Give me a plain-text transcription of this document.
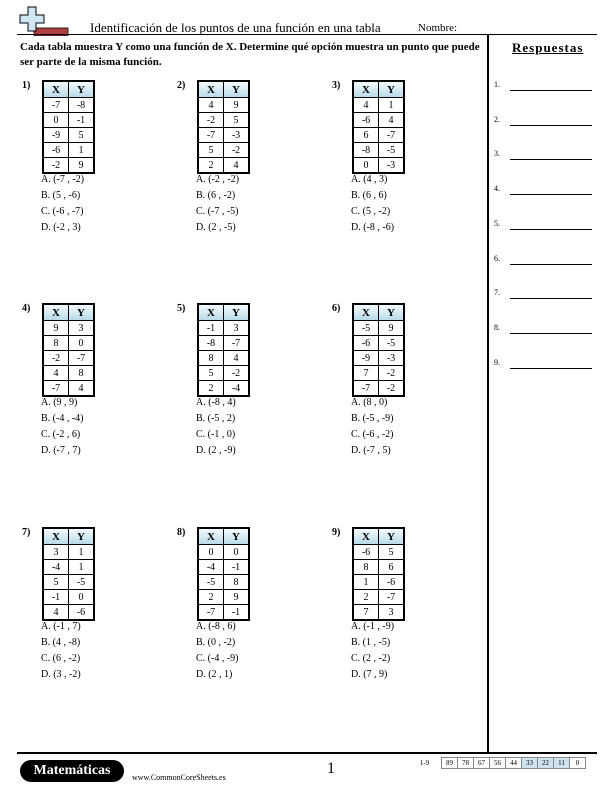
Identificación de los puntos de una función en una tabla	Nombre:
Cada tabla muestra Y como una función de X. Determine qué opción muestra un punto que puede ser parte de la misma función.
Respuestas
1.
2.
3.
4.
5.
6.
7.
8.
9.
1) X	Y
-7	-8
0	-1
-9	5
-6	1
-2	9
A. (-7 , -2)
B. (5 , -6)
C. (-6 , -7)
D. (-2 , 3)
2) X	Y
4	9
-2	5
-7	-3
5	-2
2	4
A. (-2 , -2)
B. (6 , -2)
C. (-7 , -5)
D. (2 , -5)
3) X	Y
4	1
-6	4
6	-7
-8	-5
0	-3
A. (4 , 3)
B. (6 , 6)
C. (5 , -2)
D. (-8 , -6)
4) X	Y
9	3
8	0
-2	-7
4	8
-7	4
A. (9 , 9)
B. (-4 , -4)
C. (-2 , 6)
D. (-7 , 7)
5) X	Y
-1	3
-8	-7
8	4
5	-2
2	-4
A. (-8 , 4)
B. (-5 , 2)
C. (-1 , 0)
D. (2 , -9)
6) X	Y
-5	9
-6	-5
-9	-3
7	-2
-7	-2
A. (8 , 0)
B. (-5 , -9)
C. (-6 , -2)
D. (-7 , 5)
7) X	Y
3	1
-4	1
5	-5
-1	0
4	-6
A. (-1 , 7)
B. (4 , -8)
C. (6 , -2)
D. (3 , -2)
8) X	Y
0	0
-4	-1
-5	8
2	9
-7	-1
A. (-8 , 6)
B. (0 , -2)
C. (-4 , -9)
D. (2 , 1)
9) X	Y
-6	5
8	6
1	-6
2	-7
7	3
A. (-1 , -9)
B. (1 , -5)
C. (2 , -2)
D. (7 , 9)
Matemáticas	www.CommonCoreSheets.es
1	1-9 89 78 67 56 44 33 22 11 0
